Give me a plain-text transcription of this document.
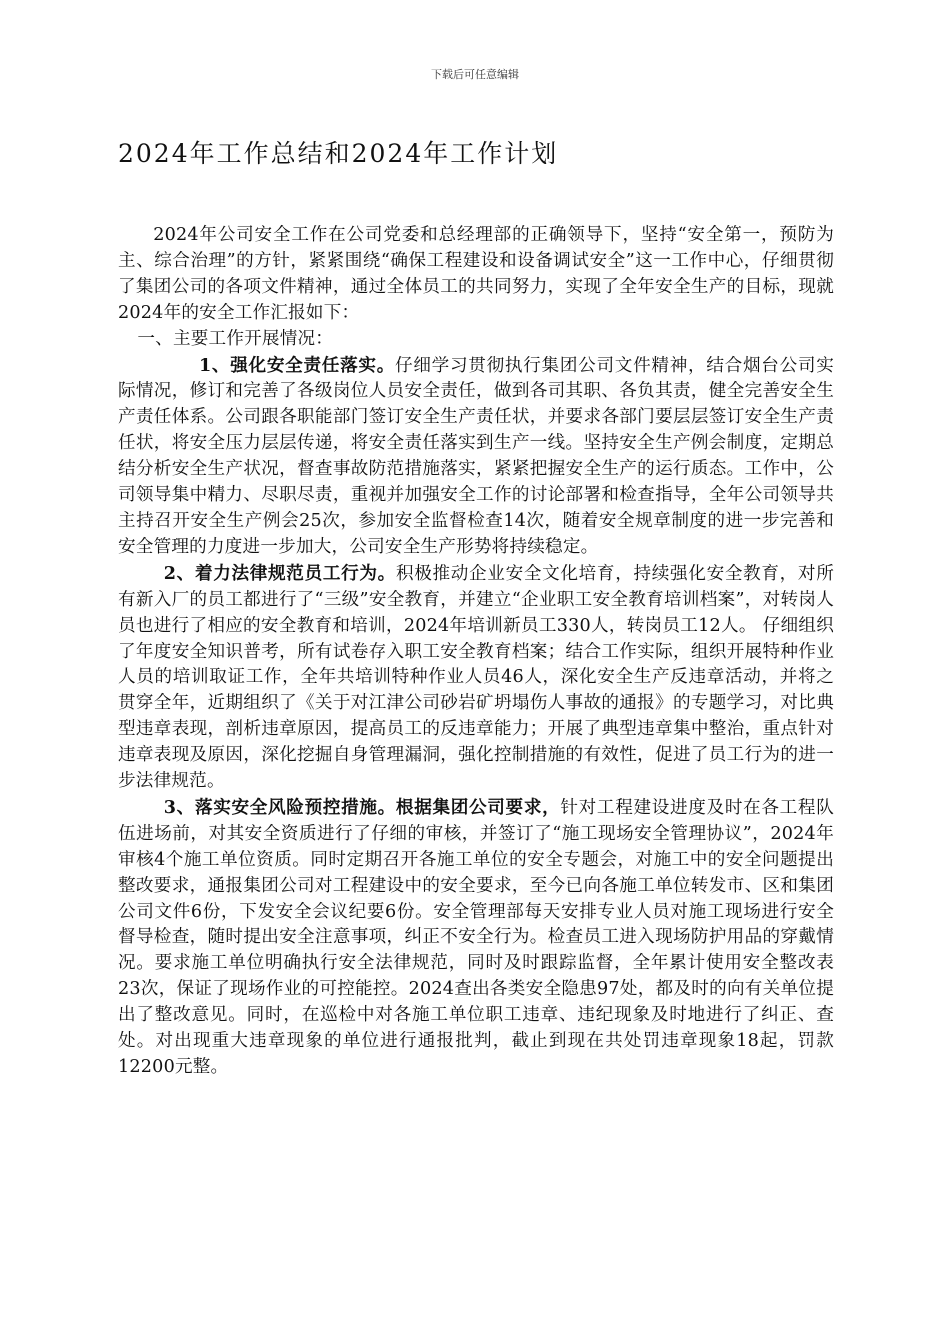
下载后可任意编辑
2024年工作总结和2024年工作计划

2024年公司安全工作在公司党委和总经理部的正确领导下，坚持“安全第一，预防为主、综合治理”的方针，紧紧围绕“确保工程建设和设备调试安全”这一工作中心，仔细贯彻了集团公司的各项文件精神，通过全体员工的共同努力，实现了全年安全生产的目标，现就2024年的安全工作汇报如下：

一、主要工作开展情况：

1、强化安全责任落实。仔细学习贯彻执行集团公司文件精神，结合烟台公司实际情况，修订和完善了各级岗位人员安全责任，做到各司其职、各负其责，健全完善安全生产责任体系。公司跟各职能部门签订安全生产责任状，并要求各部门要层层签订安全生产责任状，将安全压力层层传递，将安全责任落实到生产一线。坚持安全生产例会制度，定期总结分析安全生产状况，督查事故防范措施落实，紧紧把握安全生产的运行质态。工作中，公司领导集中精力、尽职尽责，重视并加强安全工作的讨论部署和检查指导，全年公司领导共主持召开安全生产例会25次，参加安全监督检查14次，随着安全规章制度的进一步完善和安全管理的力度进一步加大，公司安全生产形势将持续稳定。

2、着力法律规范员工行为。积极推动企业安全文化培育，持续强化安全教育，对所有新入厂的员工都进行了“三级”安全教育，并建立“企业职工安全教育培训档案”，对转岗人员也进行了相应的安全教育和培训，2024年培训新员工330人，转岗员工12人。 仔细组织了年度安全知识普考，所有试卷存入职工安全教育档案；结合工作实际，组织开展特种作业人员的培训取证工作，全年共培训特种作业人员46人，深化安全生产反违章活动，并将之贯穿全年，近期组织了《关于对江津公司砂岩矿坍塌伤人事故的通报》的专题学习，对比典型违章表现，剖析违章原因，提高员工的反违章能力；开展了典型违章集中整治，重点针对违章表现及原因，深化挖掘自身管理漏洞，强化控制措施的有效性，促进了员工行为的进一步法律规范。

3、落实安全风险预控措施。根据集团公司要求，针对工程建设进度及时在各工程队伍进场前，对其安全资质进行了仔细的审核，并签订了“施工现场安全管理协议”，2024年审核4个施工单位资质。同时定期召开各施工单位的安全专题会，对施工中的安全问题提出整改要求，通报集团公司对工程建设中的安全要求，至今已向各施工单位转发市、区和集团公司文件6份，下发安全会议纪要6份。安全管理部每天安排专业人员对施工现场进行安全督导检查，随时提出安全注意事项，纠正不安全行为。检查员工进入现场防护用品的穿戴情况。要求施工单位明确执行安全法律规范，同时及时跟踪监督，全年累计使用安全整改表23次，保证了现场作业的可控能控。2024查出各类安全隐患97处，都及时的向有关单位提出了整改意见。同时，在巡检中对各施工单位职工违章、违纪现象及时地进行了纠正、查处。对出现重大违章现象的单位进行通报批判，截止到现在共处罚违章现象18起，罚款12200元整。
